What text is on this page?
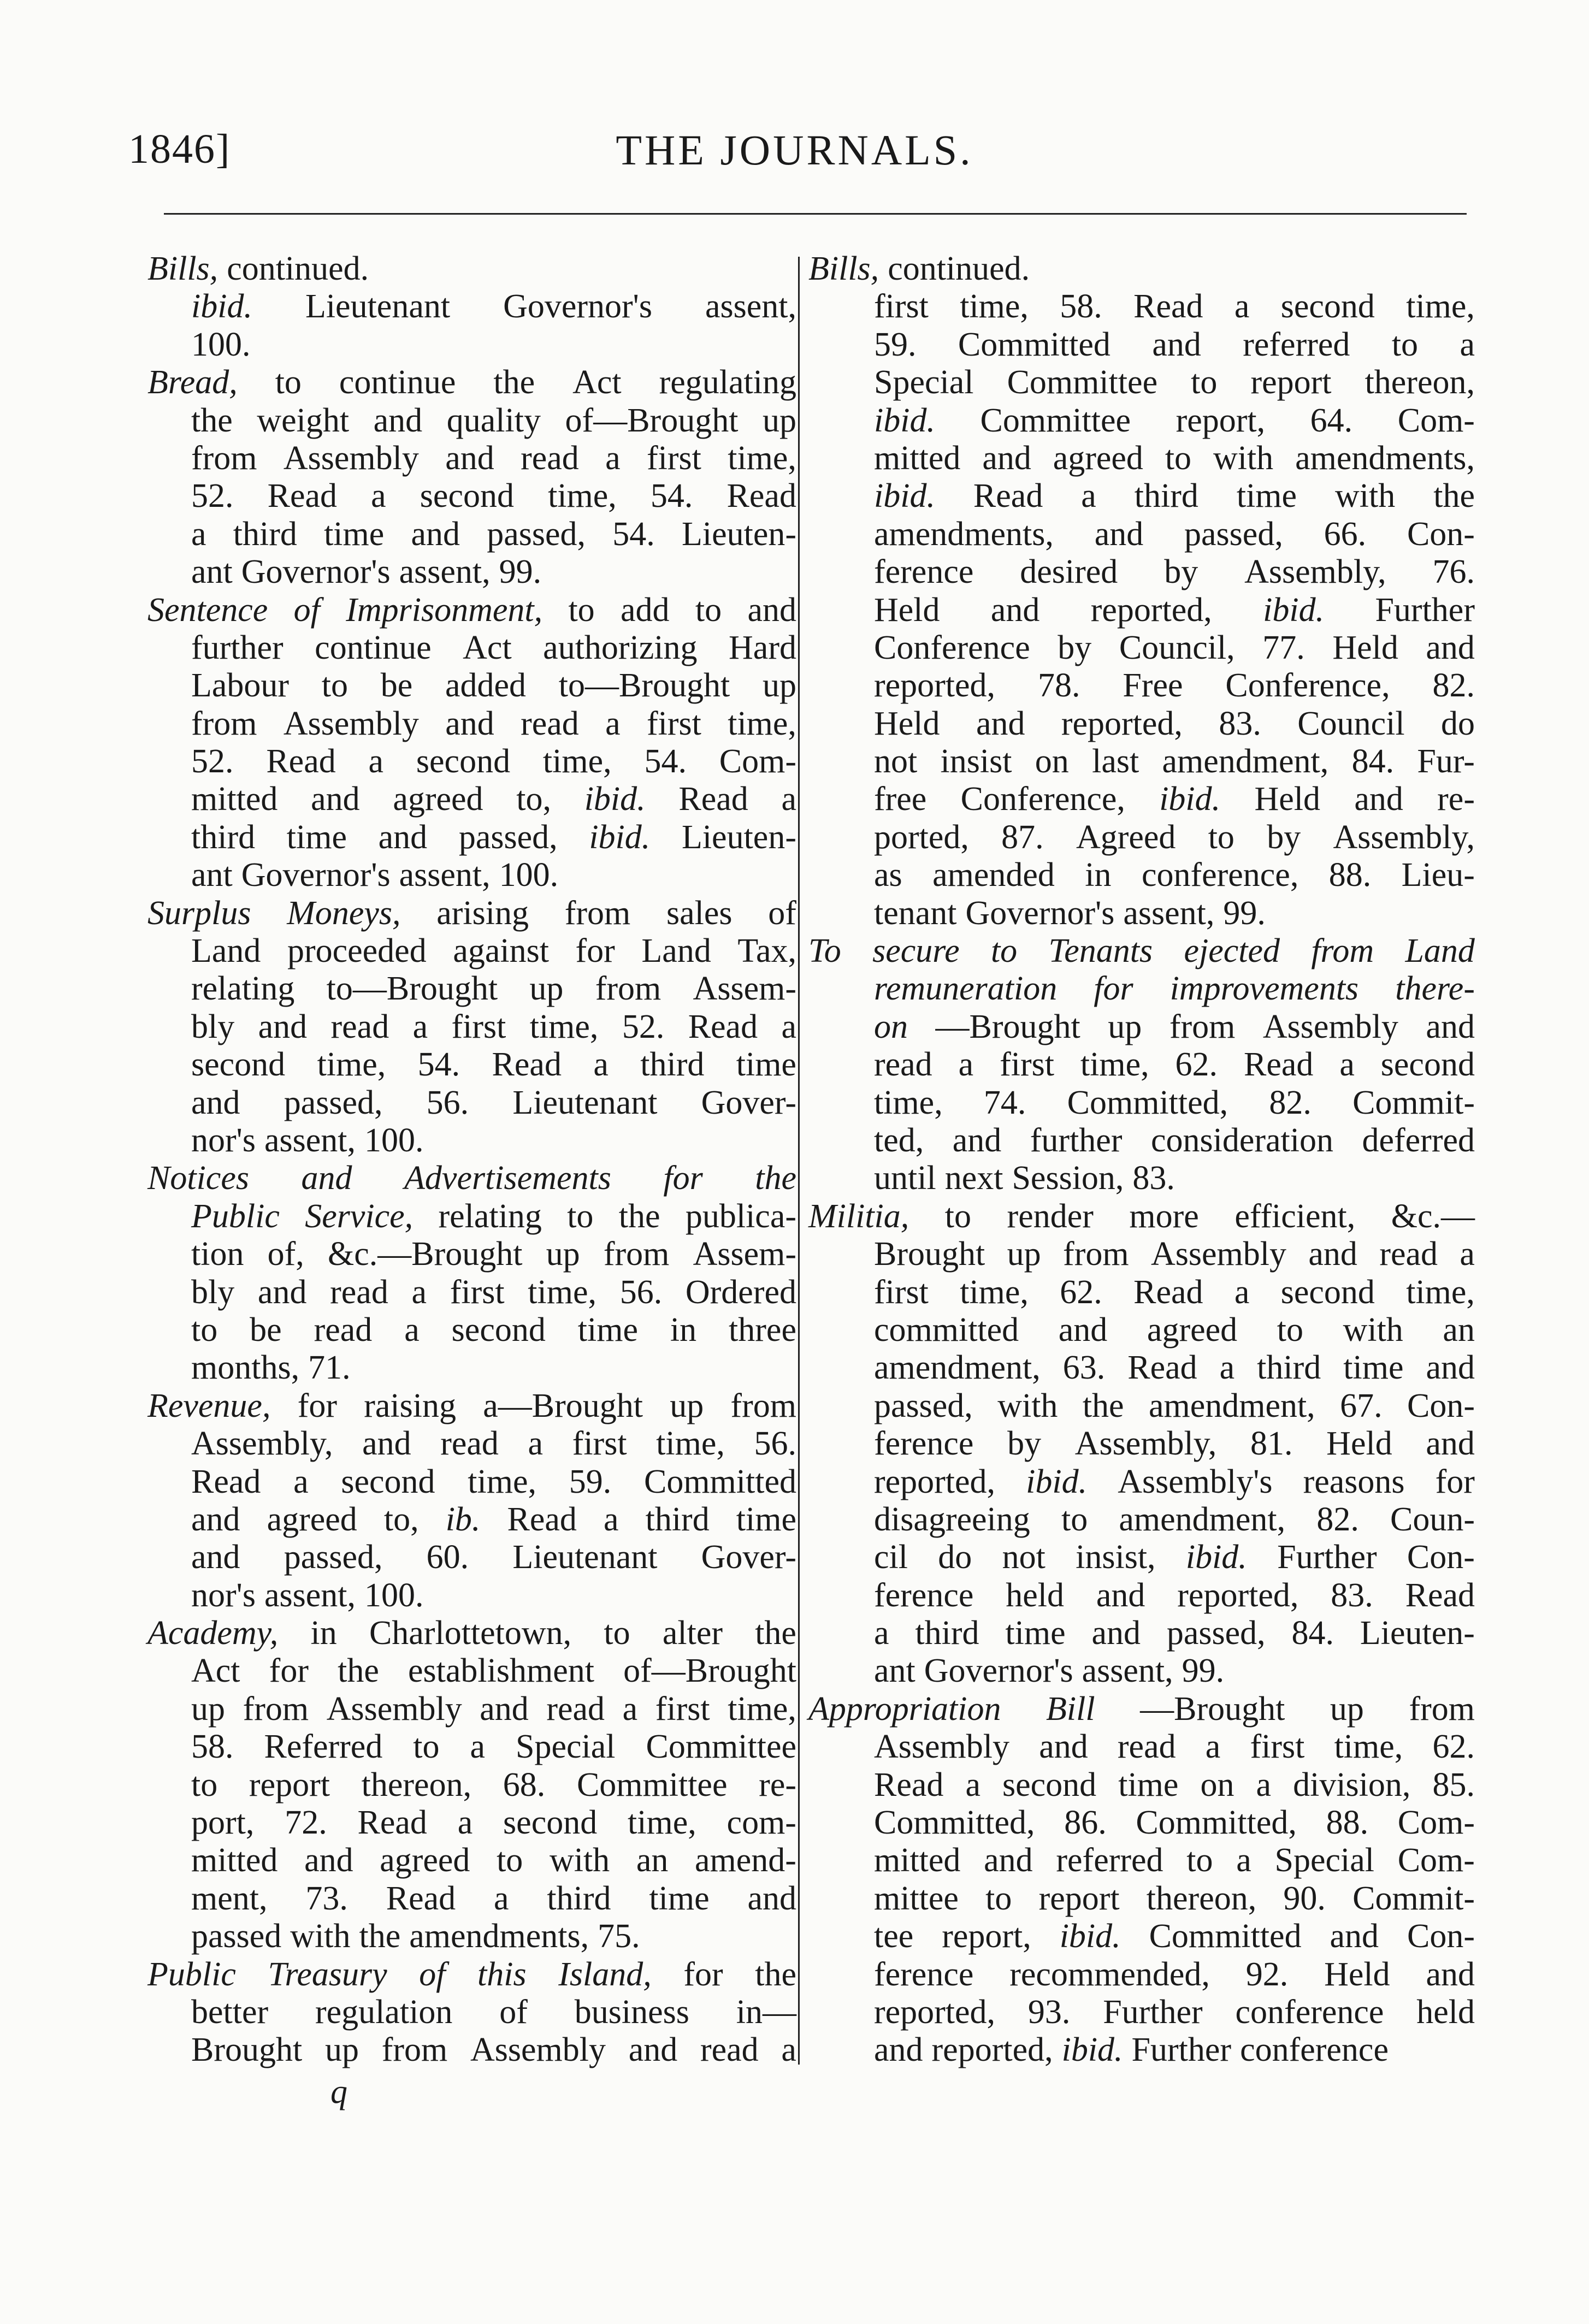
1846]	THE JOURNALS.
Bills, continued.
ibid. Lieutenant Governor's assent,
100.
Bread, to continue the Act regulating
the weight and quality of—Brought up
from Assembly and read a first time,
52. Read a second time, 54. Read
a third time and passed, 54. Lieuten-
ant Governor's assent, 99.
Sentence of Imprisonment, to add to and
further continue Act authorizing Hard
Labour to be added to—Brought up
from Assembly and read a first time,
52. Read a second time, 54. Com-
mitted and agreed to, ibid. Read a
third time and passed, ibid. Lieuten-
ant Governor's assent, 100.
Surplus Moneys, arising from sales of
Land proceeded against for Land Tax,
relating to—Brought up from Assem-
bly and read a first time, 52. Read a
second time, 54. Read a third time
and passed, 56. Lieutenant Gover-
nor's assent, 100.
Notices and Advertisements for the
Public Service, relating to the publica-
tion of, &c.—Brought up from Assem-
bly and read a first time, 56. Ordered
to be read a second time in three
months, 71.
Revenue, for raising a—Brought up from
Assembly, and read a first time, 56.
Read a second time, 59. Committed
and agreed to, ib. Read a third time
and passed, 60. Lieutenant Gover-
nor's assent, 100.
Academy, in Charlottetown, to alter the
Act for the establishment of—Brought
up from Assembly and read a first time,
58. Referred to a Special Committee
to report thereon, 68. Committee re-
port, 72. Read a second time, com-
mitted and agreed to with an amend-
ment, 73. Read a third time and
passed with the amendments, 75.
Public Treasury of this Island, for the
better regulation of business in—
Brought up from Assembly and read a
Bills, continued.
first time, 58. Read a second time,
59. Committed and referred to a
Special Committee to report thereon,
ibid. Committee report, 64. Com-
mitted and agreed to with amendments,
ibid. Read a third time with the
amendments, and passed, 66. Con-
ference desired by Assembly, 76.
Held and reported, ibid. Further
Conference by Council, 77. Held and
reported, 78. Free Conference, 82.
Held and reported, 83. Council do
not insist on last amendment, 84. Fur-
free Conference, ibid. Held and re-
ported, 87. Agreed to by Assembly,
as amended in conference, 88. Lieu-
tenant Governor's assent, 99.
To secure to Tenants ejected from Land
remuneration for improvements there-
on —Brought up from Assembly and
read a first time, 62. Read a second
time, 74. Committed, 82. Commit-
ted, and further consideration deferred
until next Session, 83.
Militia, to render more efficient, &c.—
Brought up from Assembly and read a
first time, 62. Read a second time,
committed and agreed to with an
amendment, 63. Read a third time and
passed, with the amendment, 67. Con-
ference by Assembly, 81. Held and
reported, ibid. Assembly's reasons for
disagreeing to amendment, 82. Coun-
cil do not insist, ibid. Further Con-
ference held and reported, 83. Read
a third time and passed, 84. Lieuten-
ant Governor's assent, 99.
Appropriation Bill —Brought up from
Assembly and read a first time, 62.
Read a second time on a division, 85.
Committed, 86. Committed, 88. Com-
mitted and referred to a Special Com-
mittee to report thereon, 90. Commit-
tee report, ibid. Committed and Con-
ference recommended, 92. Held and
reported, 93. Further conference held
and reported, ibid. Further conference
q
